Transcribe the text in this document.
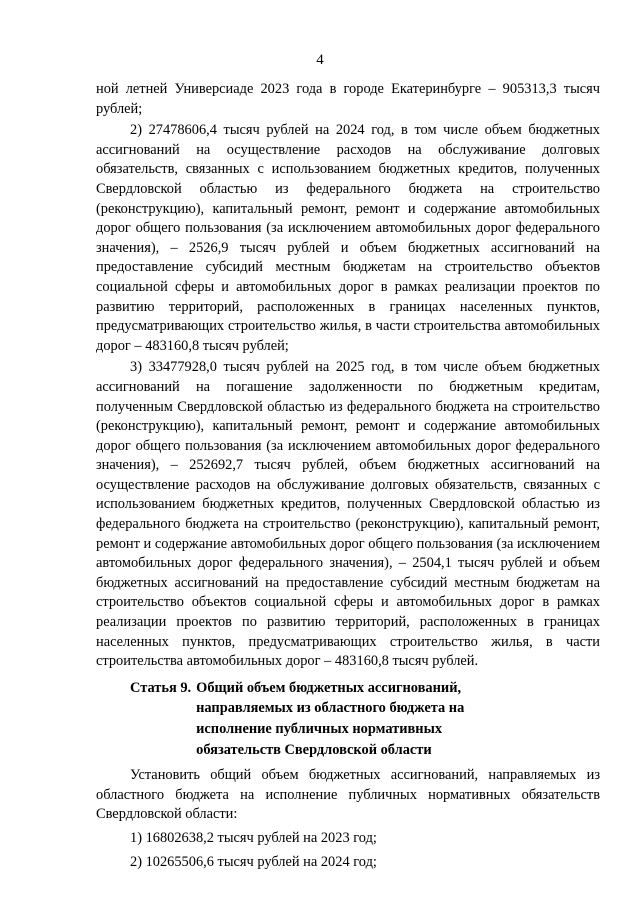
4

ной летней Универсиаде 2023 года в городе Екатеринбурге – 905313,3 тысяч рублей;

2) 27478606,4 тысяч рублей на 2024 год, в том числе объем бюджетных ассигнований на осуществление расходов на обслуживание долговых обязательств, связанных с использованием бюджетных кредитов, полученных Свердловской областью из федерального бюджета на строительство (реконструкцию), капитальный ремонт, ремонт и содержание автомобильных дорог общего пользования (за исключением автомобильных дорог федерального значения), – 2526,9 тысяч рублей и объем бюджетных ассигнований на предоставление субсидий местным бюджетам на строительство объектов социальной сферы и автомобильных дорог в рамках реализации проектов по развитию территорий, расположенных в границах населенных пунктов, предусматривающих строительство жилья, в части строительства автомобильных дорог – 483160,8 тысяч рублей;

3) 33477928,0 тысяч рублей на 2025 год, в том числе объем бюджетных ассигнований на погашение задолженности по бюджетным кредитам, полученным Свердловской областью из федерального бюджета на строительство (реконструкцию), капитальный ремонт, ремонт и содержание автомобильных дорог общего пользования (за исключением автомобильных дорог федерального значения), – 252692,7 тысяч рублей, объем бюджетных ассигнований на осуществление расходов на обслуживание долговых обязательств, связанных с использованием бюджетных кредитов, полученных Свердловской областью из федерального бюджета на строительство (реконструкцию), капитальный ремонт, ремонт и содержание автомобильных дорог общего пользования (за исключением автомобильных дорог федерального значения), – 2504,1 тысяч рублей и объем бюджетных ассигнований на предоставление субсидий местным бюджетам на строительство объектов социальной сферы и автомобильных дорог в рамках реализации проектов по развитию территорий, расположенных в границах населенных пунктов, предусматривающих строительство жилья, в части строительства автомобильных дорог – 483160,8 тысяч рублей.

Статья 9. Общий объем бюджетных ассигнований, направляемых из областного бюджета на исполнение публичных нормативных обязательств Свердловской области

Установить общий объем бюджетных ассигнований, направляемых из областного бюджета на исполнение публичных нормативных обязательств Свердловской области:

1) 16802638,2 тысяч рублей на 2023 год;

2) 10265506,6 тысяч рублей на 2024 год;
